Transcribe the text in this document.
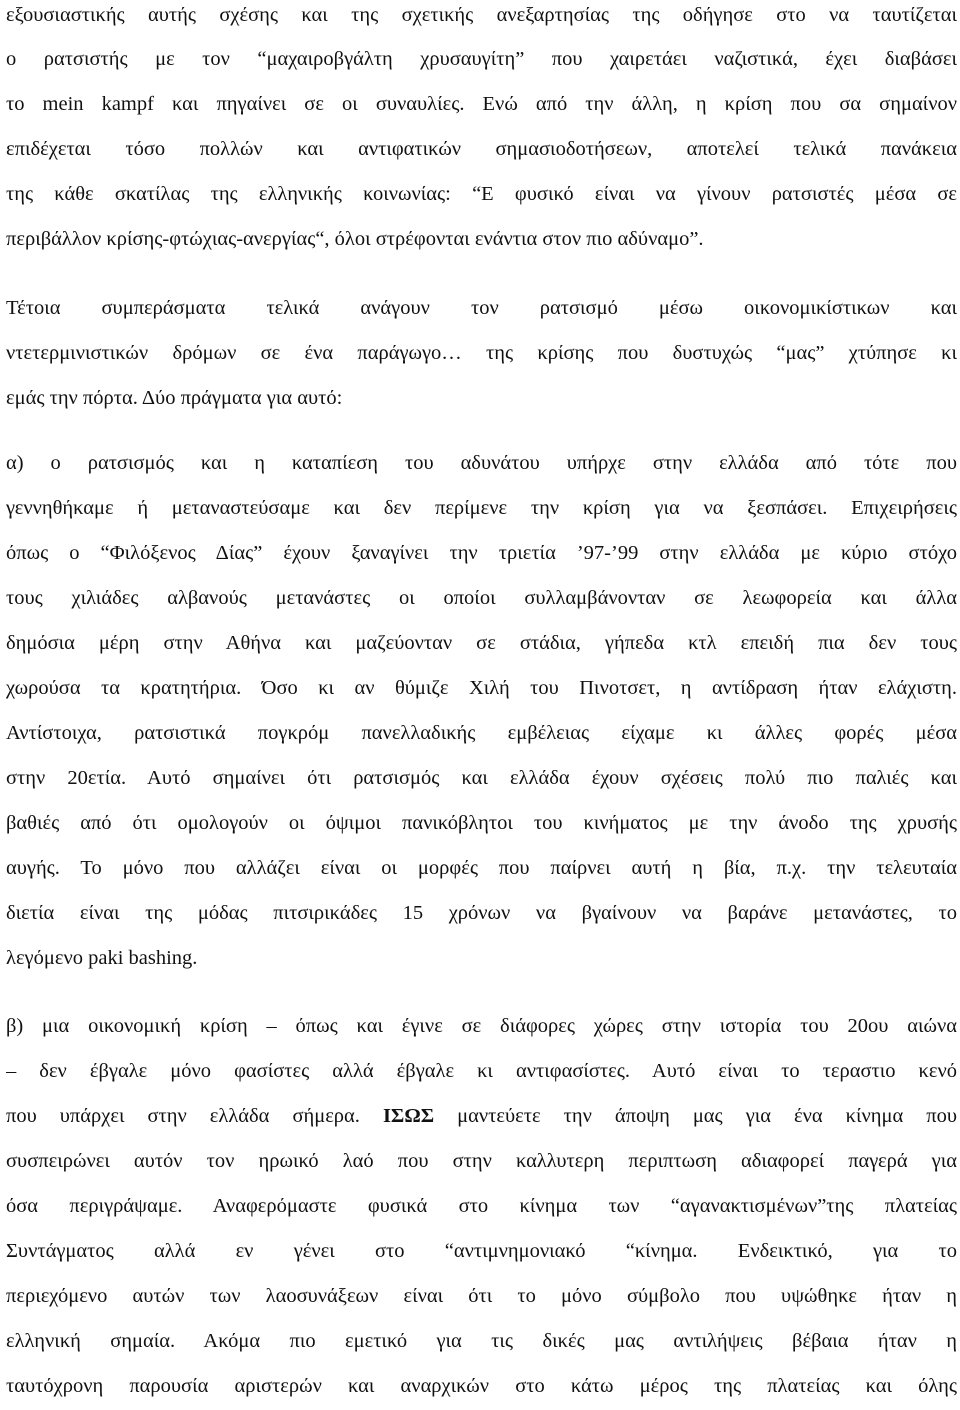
εξουσιαστικής αυτής σχέσης και της σχετικής ανεξαρτησίας της οδήγησε στο να ταυτίζεται
ο ρατσιστής με τον “μαχαιροβγάλτη χρυσαυγίτη” που χαιρετάει ναζιστικά, έχει διαβάσει
το mein kampf και πηγαίνει σε οι συναυλίες. Ενώ από την άλλη, η κρίση που σα σημαίνον
επιδέχεται τόσο πολλών και αντιφατικών σημασιοδοτήσεων, αποτελεί τελικά πανάκεια
της κάθε σκατίλας της ελληνικής κοινωνίας: “Ε φυσικό είναι να γίνουν ρατσιστές μέσα σε
περιβάλλον κρίσης-φτώχιας-ανεργίας“, όλοι στρέφονται ενάντια στον πιο αδύναμο”.
Τέτοια συμπεράσματα τελικά ανάγουν τον ρατσισμό μέσω οικονομικίστικων και
ντετερμινιστικών δρόμων σε ένα παράγωγο… της κρίσης που δυστυχώς “μας” χτύπησε κι
εμάς την πόρτα. Δύο πράγματα για αυτό:
α) ο ρατσισμός και η καταπίεση του αδυνάτου υπήρχε στην ελλάδα από τότε που
γεννηθήκαμε ή μεταναστεύσαμε και δεν περίμενε την κρίση για να ξεσπάσει. Επιχειρήσεις
όπως ο “Φιλόξενος Δίας” έχουν ξαναγίνει την τριετία ’97-’99 στην ελλάδα με κύριο στόχο
τους χιλιάδες αλβανούς μετανάστες οι οποίοι συλλαμβάνονταν σε λεωφορεία και άλλα
δημόσια μέρη στην Αθήνα και μαζεύονταν σε στάδια, γήπεδα κτλ επειδή πια δεν τους
χωρούσα τα κρατητήρια. Όσο κι αν θύμιζε Χιλή του Πινοτσετ, η αντίδραση ήταν ελάχιστη.
Αντίστοιχα, ρατσιστικά πογκρόμ πανελλαδικής εμβέλειας είχαμε κι άλλες φορές μέσα
στην 20ετία. Αυτό σημαίνει ότι ρατσισμός και ελλάδα έχουν σχέσεις πολύ πιο παλιές και
βαθιές από ότι ομολογούν οι όψιμοι πανικόβλητοι του κινήματος με την άνοδο της χρυσής
αυγής. Το μόνο που αλλάζει είναι οι μορφές που παίρνει αυτή η βία, π.χ. την τελευταία
διετία είναι της μόδας πιτσιρικάδες 15 χρόνων να βγαίνουν να βαράνε μετανάστες, το
λεγόμενο paki bashing.
β) μια οικονομική κρίση – όπως και έγινε σε διάφορες χώρες στην ιστορία του 20ου αιώνα
– δεν έβγαλε μόνο φασίστες αλλά έβγαλε κι αντιφασίστες. Αυτό είναι το τεραστιο κενό
που υπάρχει στην ελλάδα σήμερα. ΙΣΩΣ μαντεύετε την άποψη μας για ένα κίνημα που
συσπειρώνει αυτόν τον ηρωικό λαό που στην καλλυτερη περιπτωση αδιαφορεί παγερά για
όσα περιγράψαμε. Αναφερόμαστε φυσικά στο κίνημα των “αγανακτισμένων”της πλατείας
Συντάγματος αλλά εν γένει στο “αντιμνημονιακό “κίνημα. Ενδεικτικό, για το
περιεχόμενο αυτών των λαοσυνάξεων είναι ότι το μόνο σύμβολο που υψώθηκε ήταν η
ελληνική σημαία. Ακόμα πιο εμετικό για τις δικές μας αντιλήψεις βέβαια ήταν η
ταυτόχρονη παρουσία αριστερών και αναρχικών στο κάτω μέρος της πλατείας και όλης
